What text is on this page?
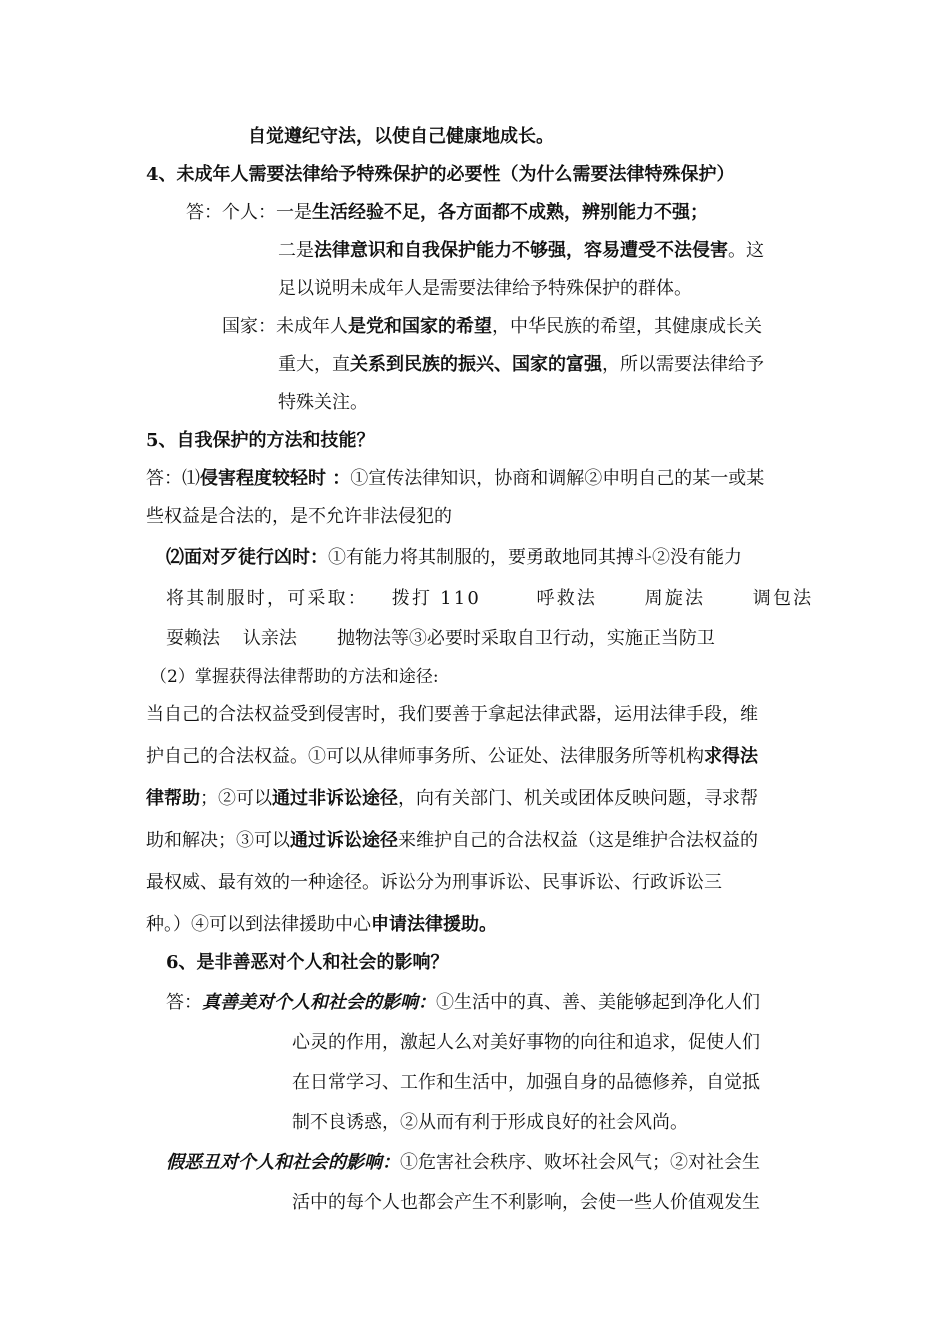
自觉遵纪守法，以使自己健康地成长。
4、未成年人需要法律给予特殊保护的必要性（为什么需要法律特殊保护）
答：个人：一是生活经验不足，各方面都不成熟，辨别能力不强；
二是法律意识和自我保护能力不够强，容易遭受不法侵害。这
足以说明未成年人是需要法律给予特殊保护的群体。
国家：未成年人是党和国家的希望，中华民族的希望，其健康成长关
重大，直关系到民族的振兴、国家的富强，所以需要法律给予
特殊关注。
5、自我保护的方法和技能？
答：⑴侵害程度较轻时 ：①宣传法律知识，协商和调解②申明自己的某一或某
些权益是合法的，是不允许非法侵犯的
⑵面对歹徒行凶时：①有能力将其制服的，要勇敢地同其搏斗②没有能力
将其制服时，可采取：   拨打 110       呼救法      周旋法      调包法
耍赖法    认亲法       抛物法等③必要时采取自卫行动，实施正当防卫
（2）掌握获得法律帮助的方法和途径:
当自己的合法权益受到侵害时，我们要善于拿起法律武器，运用法律手段，维
护自己的合法权益。①可以从律师事务所、公证处、法律服务所等机构求得法
律帮助；②可以通过非诉讼途径，向有关部门、机关或团体反映问题，寻求帮
助和解决；③可以通过诉讼途径来维护自己的合法权益（这是维护合法权益的
最权威、最有效的一种途径。诉讼分为刑事诉讼、民事诉讼、行政诉讼三
种。）④可以到法律援助中心申请法律援助。
6、是非善恶对个人和社会的影响？
答：真善美对个人和社会的影响：①生活中的真、善、美能够起到净化人们
心灵的作用，激起人么对美好事物的向往和追求，促使人们
在日常学习、工作和生活中，加强自身的品德修养，自觉抵
制不良诱惑，②从而有利于形成良好的社会风尚。
假恶丑对个人和社会的影响：①危害社会秩序、败坏社会风气；②对社会生
活中的每个人也都会产生不利影响，会使一些人价值观发生
